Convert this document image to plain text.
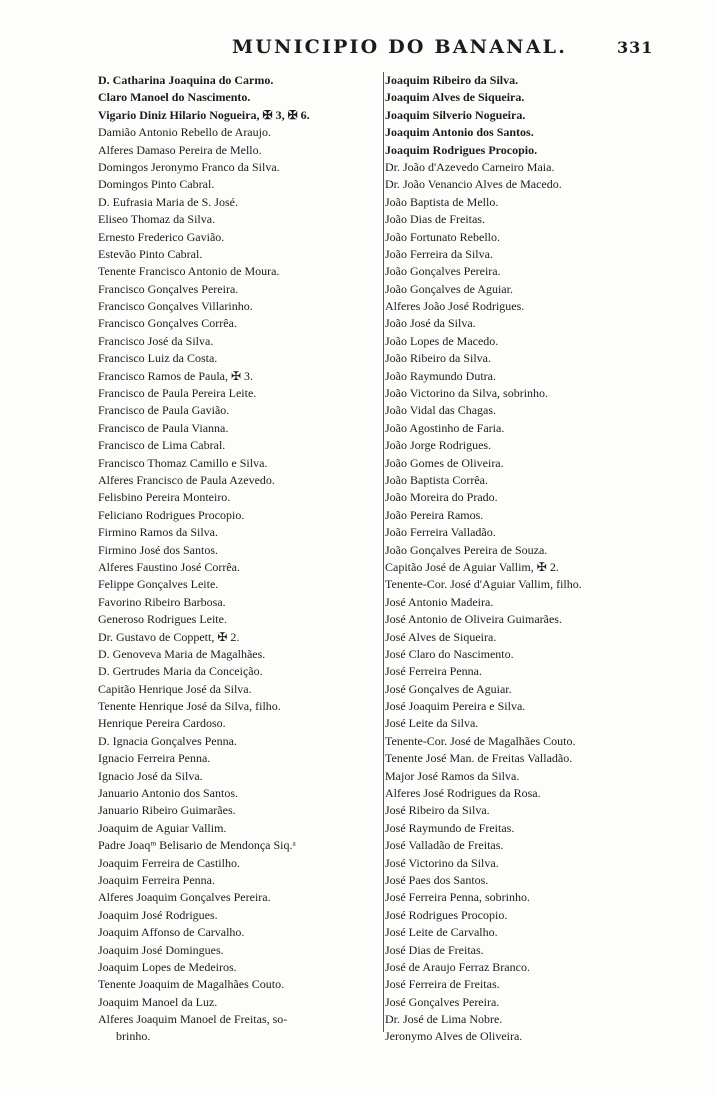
MUNICIPIO DO BANANAL.	331
D. Catharina Joaquina do Carmo.
Claro Manoel do Nascimento.
Vigario Diniz Hilario Nogueira, ✠ 3, ✠ 6.
Damião Antonio Rebello de Araujo.
Alferes Damaso Pereira de Mello.
Domingos Jeronymo Franco da Silva.
Domingos Pinto Cabral.
D. Eufrasia Maria de S. José.
Eliseo Thomaz da Silva.
Ernesto Frederico Gavião.
Estevão Pinto Cabral.
Tenente Francisco Antonio de Moura.
Francisco Gonçalves Pereira.
Francisco Gonçalves Villarinho.
Francisco Gonçalves Corrêa.
Francisco José da Silva.
Francisco Luiz da Costa.
Francisco Ramos de Paula, ✠ 3.
Francisco de Paula Pereira Leite.
Francisco de Paula Gavião.
Francisco de Paula Vianna.
Francisco de Lima Cabral.
Francisco Thomaz Camillo e Silva.
Alferes Francisco de Paula Azevedo.
Felisbino Pereira Monteiro.
Feliciano Rodrigues Procopio.
Firmino Ramos da Silva.
Firmino José dos Santos.
Alferes Faustino José Corrêa.
Felippe Gonçalves Leite.
Favorino Ribeiro Barbosa.
Generoso Rodrigues Leite.
Dr. Gustavo de Coppett, ✠ 2.
D. Genoveva Maria de Magalhães.
D. Gertrudes Maria da Conceição.
Capitão Henrique José da Silva.
Tenente Henrique José da Silva, filho.
Henrique Pereira Cardoso.
D. Ignacia Gonçalves Penna.
Ignacio Ferreira Penna.
Ignacio José da Silva.
Januario Antonio dos Santos.
Januario Ribeiro Guimarães.
Joaquim de Aguiar Vallim.
Padre Joaqᵐ Belisario de Mendonça Siq.ᵃ
Joaquim Ferreira de Castilho.
Joaquim Ferreira Penna.
Alferes Joaquim Gonçalves Pereira.
Joaquim José Rodrigues.
Joaquim Affonso de Carvalho.
Joaquim José Domingues.
Joaquim Lopes de Medeiros.
Tenente Joaquim de Magalhães Couto.
Joaquim Manoel da Luz.
Alferes Joaquim Manoel de Freitas, so-
brinho.
Joaquim Ribeiro da Silva.
Joaquim Alves de Siqueira.
Joaquim Silverio Nogueira.
Joaquim Antonio dos Santos.
Joaquim Rodrigues Procopio.
Dr. João d'Azevedo Carneiro Maia.
Dr. João Venancio Alves de Macedo.
João Baptista de Mello.
João Dias de Freitas.
João Fortunato Rebello.
João Ferreira da Silva.
João Gonçalves Pereira.
João Gonçalves de Aguiar.
Alferes João José Rodrigues.
João José da Silva.
João Lopes de Macedo.
João Ribeiro da Silva.
João Raymundo Dutra.
João Victorino da Silva, sobrinho.
João Vidal das Chagas.
João Agostinho de Faria.
João Jorge Rodrigues.
João Gomes de Oliveira.
João Baptista Corrêa.
João Moreira do Prado.
João Pereira Ramos.
João Ferreira Valladão.
João Gonçalves Pereira de Souza.
Capitão José de Aguiar Vallim, ✠ 2.
Tenente-Cor. José d'Aguiar Vallim, filho.
José Antonio Madeira.
José Antonio de Oliveira Guimarães.
José Alves de Siqueira.
José Claro do Nascimento.
José Ferreira Penna.
José Gonçalves de Aguiar.
José Joaquim Pereira e Silva.
José Leite da Silva.
Tenente-Cor. José de Magalhães Couto.
Tenente José Man. de Freitas Valladão.
Major José Ramos da Silva.
Alferes José Rodrigues da Rosa.
José Ribeiro da Silva.
José Raymundo de Freitas.
José Valladão de Freitas.
José Victorino da Silva.
José Paes dos Santos.
José Ferreira Penna, sobrinho.
José Rodrigues Procopio.
José Leite de Carvalho.
José Dias de Freitas.
José de Araujo Ferraz Branco.
José Ferreira de Freitas.
José Gonçalves Pereira.
Dr. José de Lima Nobre.
Jeronymo Alves de Oliveira.
